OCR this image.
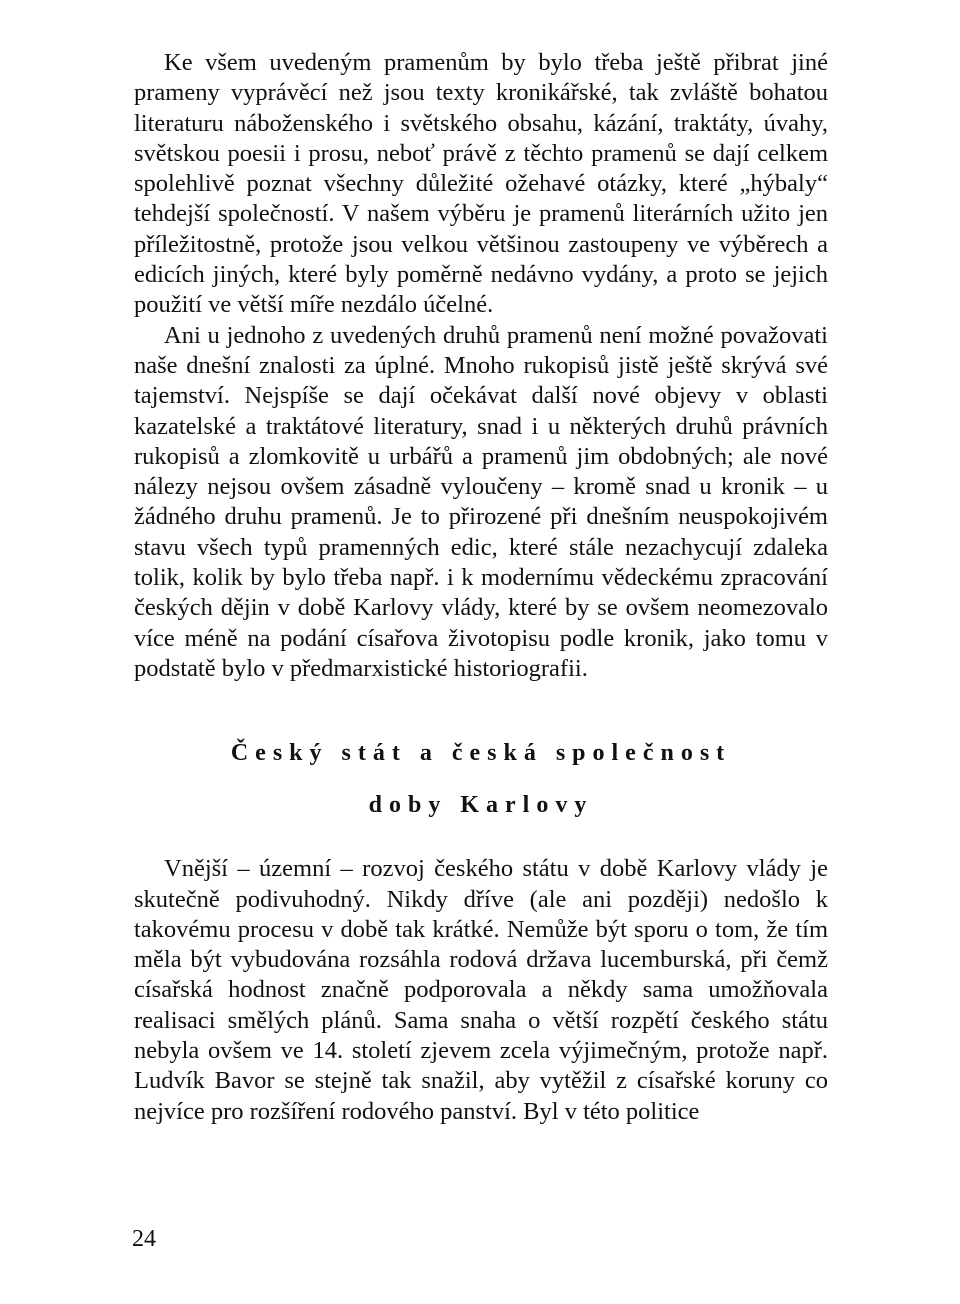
Ke všem uvedeným pramenům by bylo třeba ještě přibrat jiné prameny vyprávěcí než jsou texty kronikářské, tak zvláště bohatou literaturu náboženského i světského obsahu, kázání, traktáty, úvahy, světskou poesii i prosu, neboť právě z těchto pramenů se dají celkem spolehlivě poznat všechny důležité ožehavé otázky, které „hýbaly“ tehdejší společností. V našem výběru je pramenů literárních užito jen příležitostně, protože jsou velkou většinou zastoupeny ve výběrech a edicích jiných, které byly poměrně nedávno vydány, a proto se jejich použití ve větší míře nezdálo účelné.

Ani u jednoho z uvedených druhů pramenů není možné považovati naše dnešní znalosti za úplné. Mnoho rukopisů jistě ještě skrývá své tajemství. Nejspíše se dají očekávat další nové objevy v oblasti kazatelské a traktátové literatury, snad i u některých druhů právních rukopisů a zlomkovitě u urbářů a pramenů jim obdobných; ale nové nálezy nejsou ovšem zásadně vyloučeny – kromě snad u kronik – u žádného druhu pramenů. Je to přirozené při dnešním neuspokojivém stavu všech typů pramenných edic, které stále nezachycují zdaleka tolik, kolik by bylo třeba např. i k modernímu vědeckému zpracování českých dějin v době Karlovy vlády, které by se ovšem neomezovalo více méně na podání císařova životopisu podle kronik, jako tomu v podstatě bylo v předmarxistické historiografii.

Český stát a česká společnost
doby Karlovy

Vnější – územní – rozvoj českého státu v době Karlovy vlády je skutečně podivuhodný. Nikdy dříve (ale ani později) nedošlo k takovému procesu v době tak krátké. Nemůže být sporu o tom, že tím měla být vybudována rozsáhla rodová država lucemburská, při čemž císařská hodnost značně podporovala a někdy sama umožňovala realisaci smělých plánů. Sama snaha o větší rozpětí českého státu nebyla ovšem ve 14. století zjevem zcela výjimečným, protože např. Ludvík Bavor se stejně tak snažil, aby vytěžil z císařské koruny co nejvíce pro rozšíření rodového panství. Byl v této politice

24
